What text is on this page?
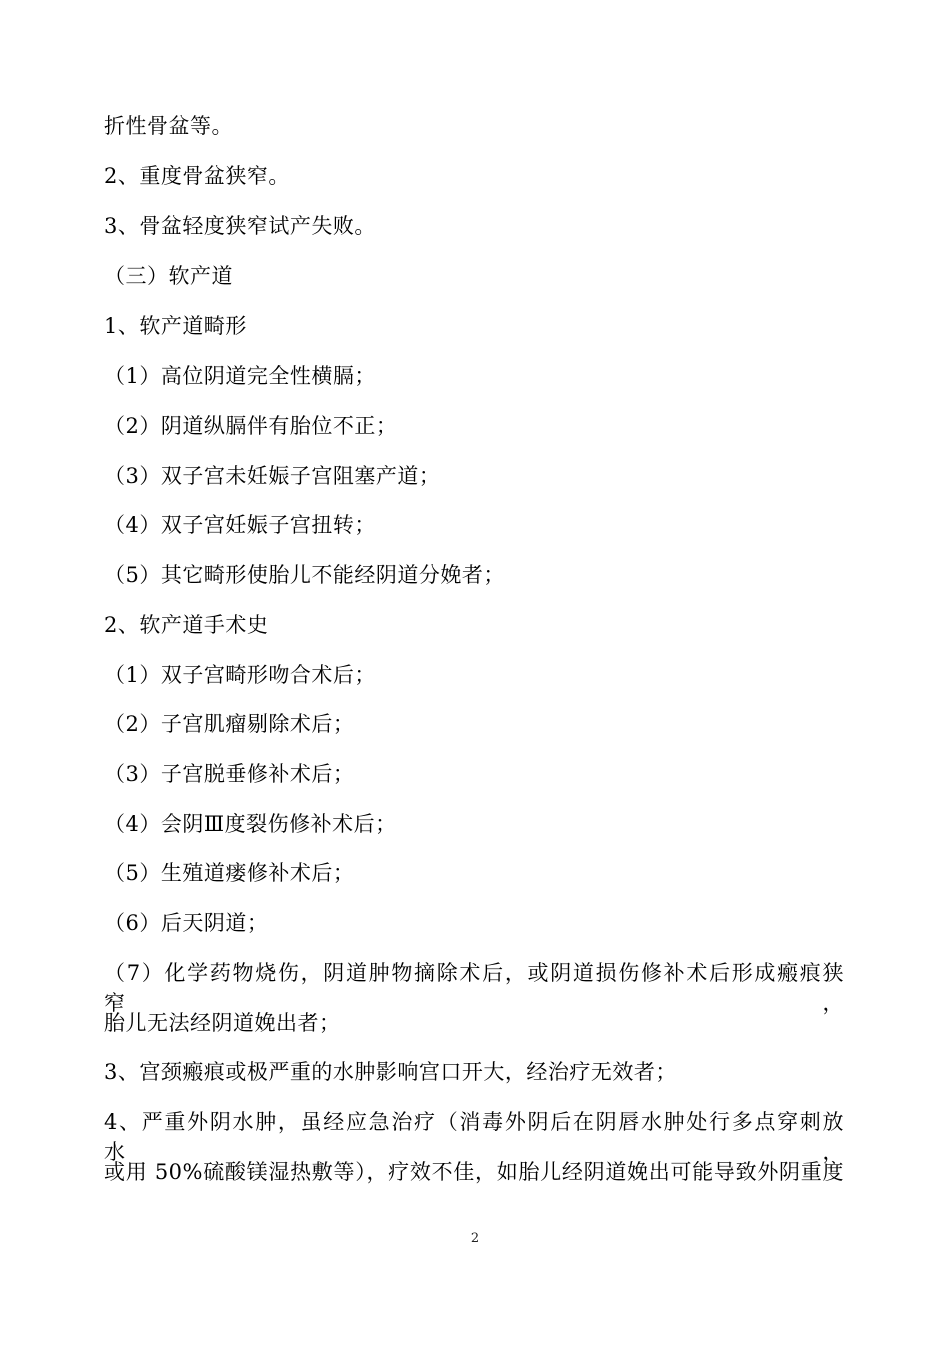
折性骨盆等。
2、重度骨盆狭窄。
3、骨盆轻度狭窄试产失败。
（三）软产道
1、软产道畸形
（1）高位阴道完全性横膈；
（2）阴道纵膈伴有胎位不正；
（3）双子宫未妊娠子宫阻塞产道；
（4）双子宫妊娠子宫扭转；
（5）其它畸形使胎儿不能经阴道分娩者；
2、软产道手术史
（1）双子宫畸形吻合术后；
（2）子宫肌瘤剔除术后；
（3）子宫脱垂修补术后；
（4）会阴Ⅲ度裂伤修补术后；
（5）生殖道瘘修补术后；
（6）后天阴道；
（7）化学药物烧伤，阴道肿物摘除术后，或阴道损伤修补术后形成瘢痕狭窄，
胎儿无法经阴道娩出者；
3、宫颈瘢痕或极严重的水肿影响宫口开大，经治疗无效者；
4、严重外阴水肿，虽经应急治疗（消毒外阴后在阴唇水肿处行多点穿刺放水，
或用 50%硫酸镁湿热敷等），疗效不佳，如胎儿经阴道娩出可能导致外阴重度
2
